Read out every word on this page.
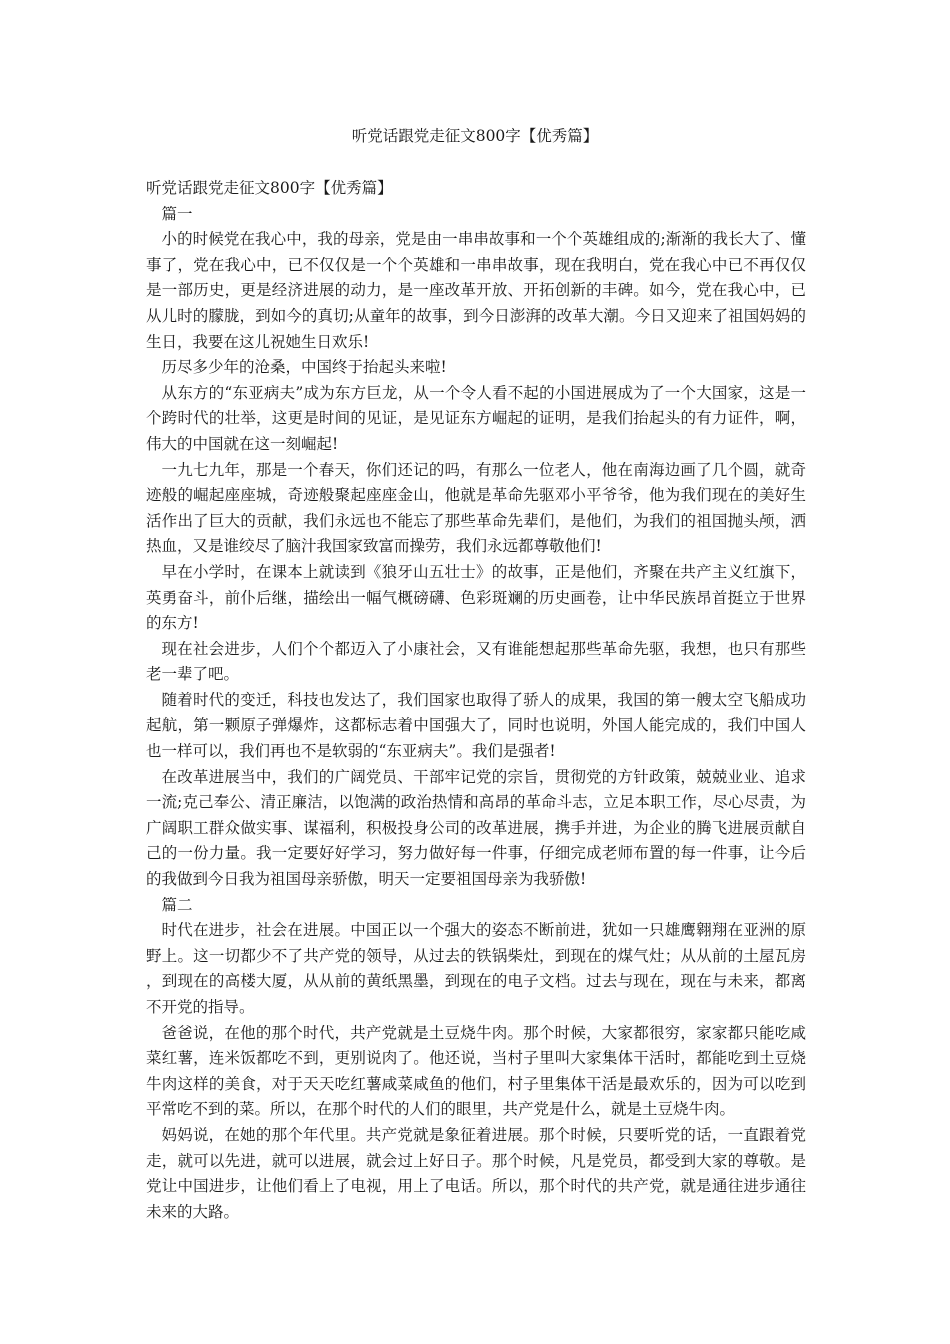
听党话跟党走征文800字【优秀篇】

听党话跟党走征文800字【优秀篇】

篇一

小的时候党在我心中，我的母亲，党是由一串串故事和一个个英雄组成的;渐渐的我长大了、懂事了，党在我心中，已不仅仅是一个个英雄和一串串故事，现在我明白，党在我心中已不再仅仅是一部历史，更是经济进展的动力，是一座改革开放、开拓创新的丰碑。如今，党在我心中，已从儿时的朦胧，到如今的真切;从童年的故事，到今日澎湃的改革大潮。今日又迎来了祖国妈妈的生日，我要在这儿祝她生日欢乐!

历尽多少年的沧桑，中国终于抬起头来啦!

从东方的“东亚病夫”成为东方巨龙，从一个令人看不起的小国进展成为了一个大国家，这是一个跨时代的壮举，这更是时间的见证，是见证东方崛起的证明，是我们抬起头的有力证件，啊，伟大的中国就在这一刻崛起!

一九七九年，那是一个春天，你们还记的吗，有那么一位老人，他在南海边画了几个圆，就奇迹般的崛起座座城，奇迹般聚起座座金山，他就是革命先驱邓小平爷爷，他为我们现在的美好生活作出了巨大的贡献，我们永远也不能忘了那些革命先辈们，是他们，为我们的祖国抛头颅，洒热血，又是谁绞尽了脑汁我国家致富而操劳，我们永远都尊敬他们!

早在小学时，在课本上就读到《狼牙山五壮士》的故事，正是他们，齐聚在共产主义红旗下，英勇奋斗，前仆后继，描绘出一幅气概磅礴、色彩斑斓的历史画卷，让中华民族昂首挺立于世界的东方!

现在社会进步，人们个个都迈入了小康社会，又有谁能想起那些革命先驱，我想，也只有那些老一辈了吧。

随着时代的变迁，科技也发达了，我们国家也取得了骄人的成果，我国的第一艘太空飞船成功起航，第一颗原子弹爆炸，这都标志着中国强大了，同时也说明，外国人能完成的，我们中国人也一样可以，我们再也不是软弱的“东亚病夫”。我们是强者!

在改革进展当中，我们的广阔党员、干部牢记党的宗旨，贯彻党的方针政策，兢兢业业、追求一流;克己奉公、清正廉洁，以饱满的政治热情和高昂的革命斗志，立足本职工作，尽心尽责，为广阔职工群众做实事、谋福利，积极投身公司的改革进展，携手并进，为企业的腾飞进展贡献自己的一份力量。我一定要好好学习，努力做好每一件事，仔细完成老师布置的每一件事，让今后的我做到今日我为祖国母亲骄傲，明天一定要祖国母亲为我骄傲!

篇二

时代在进步，社会在进展。中国正以一个强大的姿态不断前进，犹如一只雄鹰翱翔在亚洲的原野上。这一切都少不了共产党的领导，从过去的铁锅柴灶，到现在的煤气灶；从从前的土屋瓦房，到现在的高楼大厦，从从前的黄纸黑墨，到现在的电子文档。过去与现在，现在与未来，都离不开党的指导。

爸爸说，在他的那个时代，共产党就是土豆烧牛肉。那个时候，大家都很穷，家家都只能吃咸菜红薯，连米饭都吃不到，更别说肉了。他还说，当村子里叫大家集体干活时，都能吃到土豆烧牛肉这样的美食，对于天天吃红薯咸菜咸鱼的他们，村子里集体干活是最欢乐的，因为可以吃到平常吃不到的菜。所以，在那个时代的人们的眼里，共产党是什么，就是土豆烧牛肉。

妈妈说，在她的那个年代里。共产党就是象征着进展。那个时候，只要听党的话，一直跟着党走，就可以先进，就可以进展，就会过上好日子。那个时候，凡是党员，都受到大家的尊敬。是党让中国进步，让他们看上了电视，用上了电话。所以，那个时代的共产党，就是通往进步通往未来的大路。
